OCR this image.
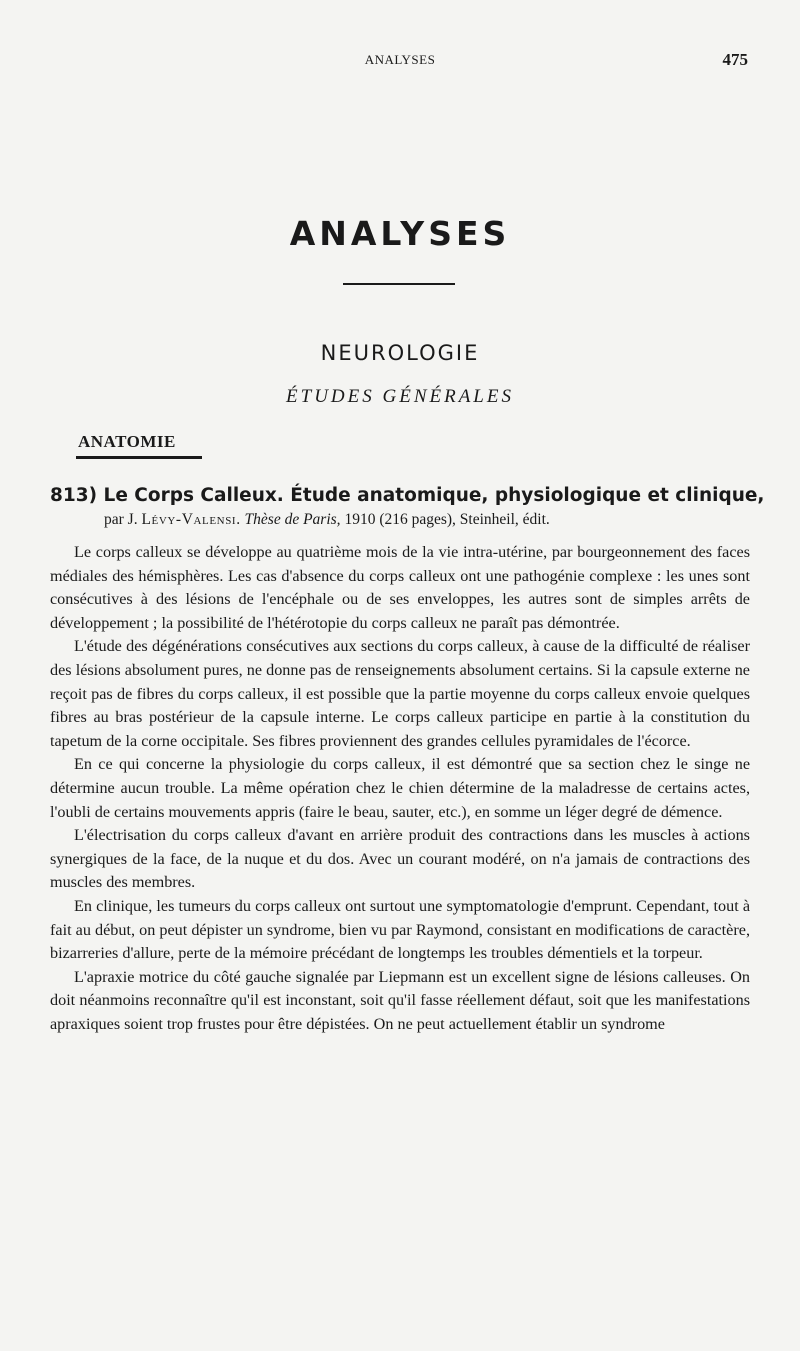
ANALYSES	475
ANALYSES
NEUROLOGIE
ÉTUDES GÉNÉRALES
ANATOMIE
813) Le Corps Calleux. Étude anatomique, physiologique et clinique,
par J. Lévy-Valensi. Thèse de Paris, 1910 (216 pages), Steinheil, édit.

Le corps calleux se développe au quatrième mois de la vie intra-utérine, par bourgeonnement des faces médiales des hémisphères. Les cas d'absence du corps calleux ont une pathogénie complexe : les unes sont consécutives à des lésions de l'encéphale ou de ses enveloppes, les autres sont de simples arrêts de développement ; la possibilité de l'hétérotopie du corps calleux ne paraît pas démontrée.

L'étude des dégénérations consécutives aux sections du corps calleux, à cause de la difficulté de réaliser des lésions absolument pures, ne donne pas de renseignements absolument certains. Si la capsule externe ne reçoit pas de fibres du corps calleux, il est possible que la partie moyenne du corps calleux envoie quelques fibres au bras postérieur de la capsule interne. Le corps calleux participe en partie à la constitution du tapetum de la corne occipitale. Ses fibres proviennent des grandes cellules pyramidales de l'écorce.

En ce qui concerne la physiologie du corps calleux, il est démontré que sa section chez le singe ne détermine aucun trouble. La même opération chez le chien détermine de la maladresse de certains actes, l'oubli de certains mouvements appris (faire le beau, sauter, etc.), en somme un léger degré de démence.

L'électrisation du corps calleux d'avant en arrière produit des contractions dans les muscles à actions synergiques de la face, de la nuque et du dos. Avec un courant modéré, on n'a jamais de contractions des muscles des membres.

En clinique, les tumeurs du corps calleux ont surtout une symptomatologie d'emprunt. Cependant, tout à fait au début, on peut dépister un syndrome, bien vu par Raymond, consistant en modifications de caractère, bizarreries d'allure, perte de la mémoire précédant de longtemps les troubles démentiels et la torpeur.

L'apraxie motrice du côté gauche signalée par Liepmann est un excellent signe de lésions calleuses. On doit néanmoins reconnaître qu'il est inconstant, soit qu'il fasse réellement défaut, soit que les manifestations apraxiques soient trop frustes pour être dépistées. On ne peut actuellement établir un syndrome
